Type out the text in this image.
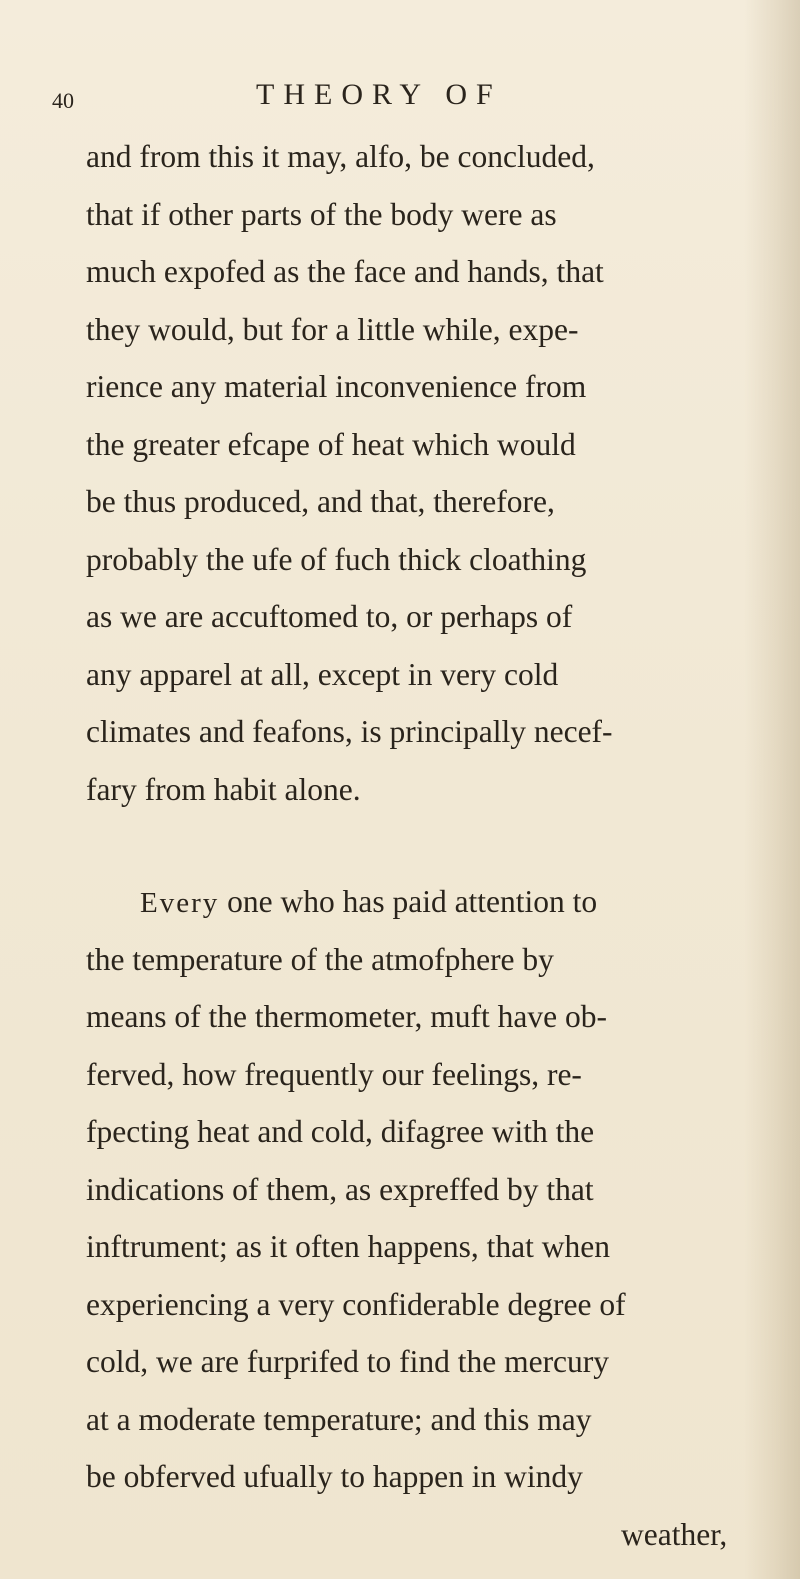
40	THEORY OF
and from this it may, alfo, be concluded,
that if other parts of the body were as
much expofed as the face and hands, that
they would, but for a little while, expe-
rience any material inconvenience from
the greater efcape of heat which would
be thus produced, and that, therefore,
probably the ufe of fuch thick cloathing
as we are accuftomed to, or perhaps of
any apparel at all, except in very cold
climates and feafons, is principally necef-
fary from habit alone.
Every one who has paid attention to
the temperature of the atmofphere by
means of the thermometer, muft have ob-
ferved, how frequently our feelings, re-
fpecting heat and cold, difagree with the
indications of them, as expreffed by that
inftrument; as it often happens, that when
experiencing a very confiderable degree of
cold, we are furprifed to find the mercury
at a moderate temperature; and this may
be obferved ufually to happen in windy
weather,
